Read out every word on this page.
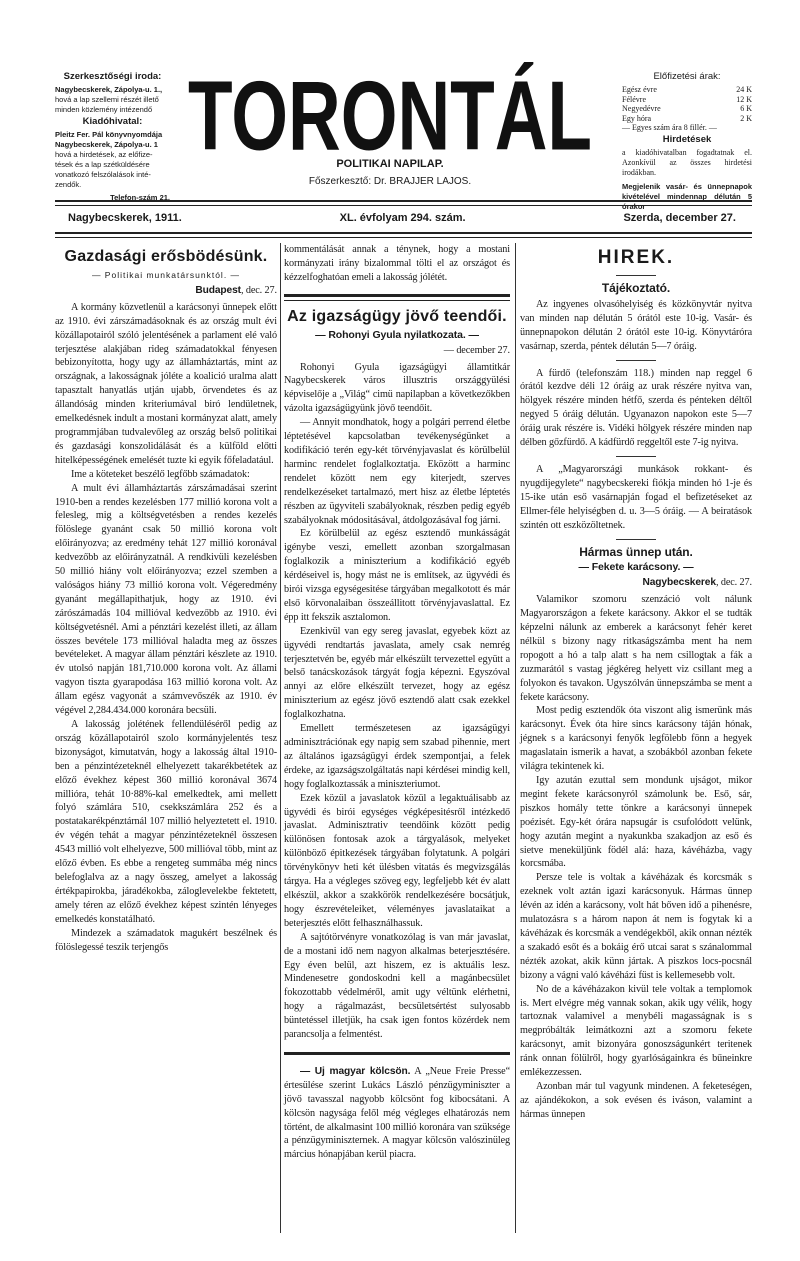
Szerkesztőségi iroda:
Nagybecskerek, Zápolya-u. 1.,
hová a lap szellemi részét illető
minden közlemény intézendő
Kiadóhivatal:
Pleitz Fer. Pál könyvnyomdája
Nagybecskerek, Zápolya-u. 1
hová a hirdetések, az előfize-
tések és a lap szétküldésére
vonatkozó felszólalások inté-
zendők.
Telefon-szám 21.
TORONTÁL
POLITIKAI NAPILAP.
Főszerkesztő: Dr. BRAJJER LAJOS.
Előfizetési árak:
Egész évre	24 K
Félévre	12 K
Negyedévre	6 K
Egy hóra	2 K
— Egyes szám ára 8 fillér. —
Hirdetések
a kiadóhivatalban fogadtatnak el. Azonkívül az összes hirdetési irodákban.
Megjelenik vasár- és ünnepnapok kivételével mindennap délután 5 órakor
Nagybecskerek, 1911.	XL. évfolyam 294. szám.	Szerda, december 27.
Gazdasági erősbödésünk.
— Politikai munkatársunktól. —
Budapest, dec. 27.

A kormány közvetlenül a karácsonyi ünnepek előtt az 1910. évi zárszámadásoknak és az ország mult évi közállapotairól szóló jelentésének a parlament elé való terjesztése alakjában rideg számadatokkal fényesen bebizonyította, hogy ugy az államháztartás, mint az országnak, a lakosságnak jóléte a koalició uralma alatt tapasztalt hanyatlás utján ujabb, örvendetes és az állandóság minden kriteriumával biró lendületnek, emelkedésnek indult a mostani kormányzat alatt, amely programmjában tudvalevőleg az ország belső politikai és gazdasági konszolidálását és a külföld előtti hitelképességének emelését tuzte ki egyik főfeladatául.

Ime a köteteket beszélő legfőbb számadatok:

A mult évi államháztartás zárszámadásai szerint 1910-ben a rendes kezelésben 177 millió korona volt a felesleg, mig a költségvetésben a rendes kezelés fölöslege gyanánt csak 50 millió korona volt előirányozva; az eredmény tehát 127 millió koronával kedvezőbb az előirányzatnál. A rendkivüli kezelésben 50 millió hiány volt előirányozva; ezzel szemben a valóságos hiány 73 millió korona volt. Végeredmény gyanánt megállapithatjuk, hogy az 1910. évi zárószámadás 104 millióval kedvezőbb az 1910. évi költségvetésnél. Ami a pénztári kezelést illeti, az állam összes bevétele 173 millióval haladta meg az összes bevételeket. A magyar állam pénztári készlete az 1910. év utolsó napján 181,710.000 korona volt. Az állami vagyon tiszta gyarapodása 163 millió korona volt. Az állam egész vagyonát a számvevőszék az 1910. év végével 2,284.434.000 koronára becsüli.

A lakosság jolétének fellendüléséről pedig az ország közállapotairól szolo kormányjelentés tesz bizonyságot, kimutatván, hogy a lakosság által 1910-ben a pénzintézeteknél elhelyezett takarékbetétek az előző évekhez képest 360 millió koronával 3674 millióra, tehát 10·88%-kal emelkedtek, ami mellett folyó számlára 510, csekkszámlára 252 és a postatakarékpénztárnál 107 millió helyeztetett el. 1910. év végén tehát a magyar pénzintézeteknél összesen 4543 millió volt elhelyezve, 500 millióval több, mint az előző évben. Es ebbe a rengeteg summába még nincs belefoglalva az a nagy összeg, amelyet a lakosság értékpapirokba, járadékokba, záloglevelekbe fektetett, amely téren az előző évekhez képest szintén lényeges emelkedés konstatálható.

Mindezek a számadatok magukért beszélnek és fölöslegessé teszik terjengős

kommentálását annak a ténynek, hogy a mostani kormányzati irány bizalommal tölti el az országot és kézzelfoghatóan emeli a lakosság jólétét.

Az igazságügy jövő teendői.
— Rohonyi Gyula nyilatkozata. —
— december 27.

Rohonyi Gyula igazságügyi államtitkár Nagybecskerek város illusztris országgyülési képviselője a „Világ“ cimü napilapban a következőkben vázolta igazságügyünk jövő teendőit.

— Annyit mondhatok, hogy a polgári perrend életbe léptetésével kapcsolatban tevékenységünket a kodifikáció terén egy-két törvényjavaslat és körülbelül harminc rendelet foglalkoztatja. Eközött a harminc rendelet között nem egy kiterjedt, szerves rendelkezéseket tartalmazó, mert hisz az életbe léptetés részben az ügyviteli szabályoknak, részben pedig egyéb szabályoknak módositásával, átdolgozásával fog járni.

Ez körülbelül az egész esztendő munkásságát igénybe veszi, emellett azonban szorgalmasan foglalkozik a miniszterium a kodifikáció egyéb kérdéseivel is, hogy mást ne is említsek, az ügyvédi és birói vizsga egységesitése tárgyában megalkotott és már első körvonalaiban összeállitott törvényjavaslattal. Ez épp itt fekszik asztalomon.

Ezenkivül van egy sereg javaslat, egyebek közt az ügyvédi rendtartás javaslata, amely csak nemrég terjesztetvén be, egyéb már elkészült tervezettel együtt a belső tanácskozások tárgyát fogja képezni. Egyszóval annyi az előre elkészült tervezet, hogy az egész miniszterium az egész jövő esztendő alatt csak ezekkel foglalkozhatna.

Emellett természetesen az igazságügyi adminisztrációnak egy napig sem szabad pihennie, mert az általános igazságügyi érdek szempontjai, a felek érdeke, az igazságszolgáltatás napi kérdései mindig kell, hogy foglalkoztassák a miniszteriumot.

Ezek közül a javaslatok közül a legaktuálisabb az ügyvédi és birói egységes végképesitésről intézkedő javaslat. Adminisztrativ teendőink között pedig különösen fontosak azok a tárgyalások, melyeket különböző épitkezések tárgyában folytatunk. A polgári törvénykönyv heti két ülésben vitatás és megvizsgálás tárgya. Ha a végleges szöveg egy, legfeljebb két év alatt elkészül, akkor a szakkörök rendelkezésére bocsátjuk, hogy észrevételeiket, véleményes javaslataikat a beterjesztés előtt felhasználhassuk.

A sajtótörvényre vonatkozólag is van már javaslat, de a mostani idő nem nagyon alkalmas beterjesztésére. Egy éven belül, azt hiszem, ez is aktuális lesz. Mindenesetre gondoskodni kell a magánbecsület fokozottabb védelméről, amit ugy véltünk elérhetni, hogy a rágalmazást, becsületsértést sulyosabb büntetéssel illetjük, ha csak igen fontos közérdek nem parancsolja a felmentést.

— Uj magyar kölcsön. A „Neue Freie Presse“ értesülése szerint Lukács László pénzügyminiszter a jövő tavasszal nagyobb kölcsönt fog kibocsátani. A kölcsön nagysága felől még végleges elhatározás nem történt, de alkalmasint 100 millió koronára van szüksége a pénzügyminiszternek. A magyar kölcsön valószinüleg március hónapjában kerül piacra.

HIREK.
Tájékoztató.

Az ingyenes olvasóhelyiség és közkönyvtár nyitva van minden nap délután 5 órától este 10-ig. Vasár- és ünnepnapokon délután 2 órától este 10-ig. Könyvtárórа vasárnap, szerda, péntek délután 5—7 óráig.

A fürdő (telefonszám 118.) minden nap reggel 6 órától kezdve déli 12 óráig az urak részére nyitva van, hölgyek részére minden hétfő, szerda és pénteken déltől negyed 5 óráig délután. Ugyanazon napokon este 5—7 óráig urak részére is. Vidéki hölgyek részére minden nap délben gőzfürdő. A kádfürdő reggeltől este 7-ig nyitva.

A „Magyarországi munkások rokkant- és nyugdijegylete“ nagybecskereki fiókja minden hó 1-je és 15-ike után eső vasárnapján fogad el befizetéseket az Ellmer-féle helyiségben d. u. 3—5 óráig. — A beiratások szintén ott eszközöltetnek.

Hármas ünnep után.
— Fekete karácsony. —
Nagybecskerek, dec. 27.

Valamikor szomoru szenzáció volt nálunk Magyarországon a fekete karácsony. Akkor el se tudták képzelni nálunk az emberek a karácsonyt fehér keret nélkül s bizony nagy ritkaságszámba ment ha nem ropogott a hó a talp alatt s ha nem csillogtak a fák a zuzmarától s vastag jégkéreg helyett viz csillant meg a folyokon és tavakon. Ugyszólván ünnepszámba se ment a fekete karácsony.

Most pedig esztendők óta viszont alig ismerünk más karácsonyt. Évek óta hire sincs karácsony táján hónak, jégnek s a karácsonyi fenyők legfölebb fönn a hegyek magaslatain ismerik a havat, a szobákból azonban fekete világra tekintenek ki.

Igy azután ezuttal sem mondunk ujságot, mikor megint fekete karácsonyról számolunk be. Eső, sár, piszkos homály tette tönkre a karácsonyi ünnepek poézisét. Egy-két órára napsugár is csufolódott velünk, hogy azután megint a nyakunkba szakadjon az eső és sietve meneküljünk födél alá: haza, kávéházba, vagy korcsmába.

Persze tele is voltak a kávéházak és korcsmák s ezeknek volt aztán igazi karácsonyuk. Hármas ünnep lévén az idén a karácsony, volt hát bőven idő a pihenésre, mulatozásra s a három napon át nem is fogytak ki a kávéházak és korcsmák a vendégekből, akik onnan nézték a szakadó esőt és a bokáig érő utcai sarat s szánalommal nézték azokat, akik künn jártak. A piszkos locs-pocsnál bizony a vágni való kávéházi füst is kellemesebb volt.

No de a kávéházakon kivül tele voltak a templomok is. Mert elvégre még vannak sokan, akik ugy vélik, hogy tartoznak valamivel a menybéli magasságnak is s megpróbálták leimátkozni azt a szomoru fekete karácsonyt, amit bizonyára gonoszságunkért teritenek ránk onnan fölülről, hogy gyarlóságainkra és bűneinkre emlékezzessen.

Azonban már tul vagyunk mindenen. A feketeségen, az ajándékokon, a sok evésen és iváson, valamint a hármas ünnepen
